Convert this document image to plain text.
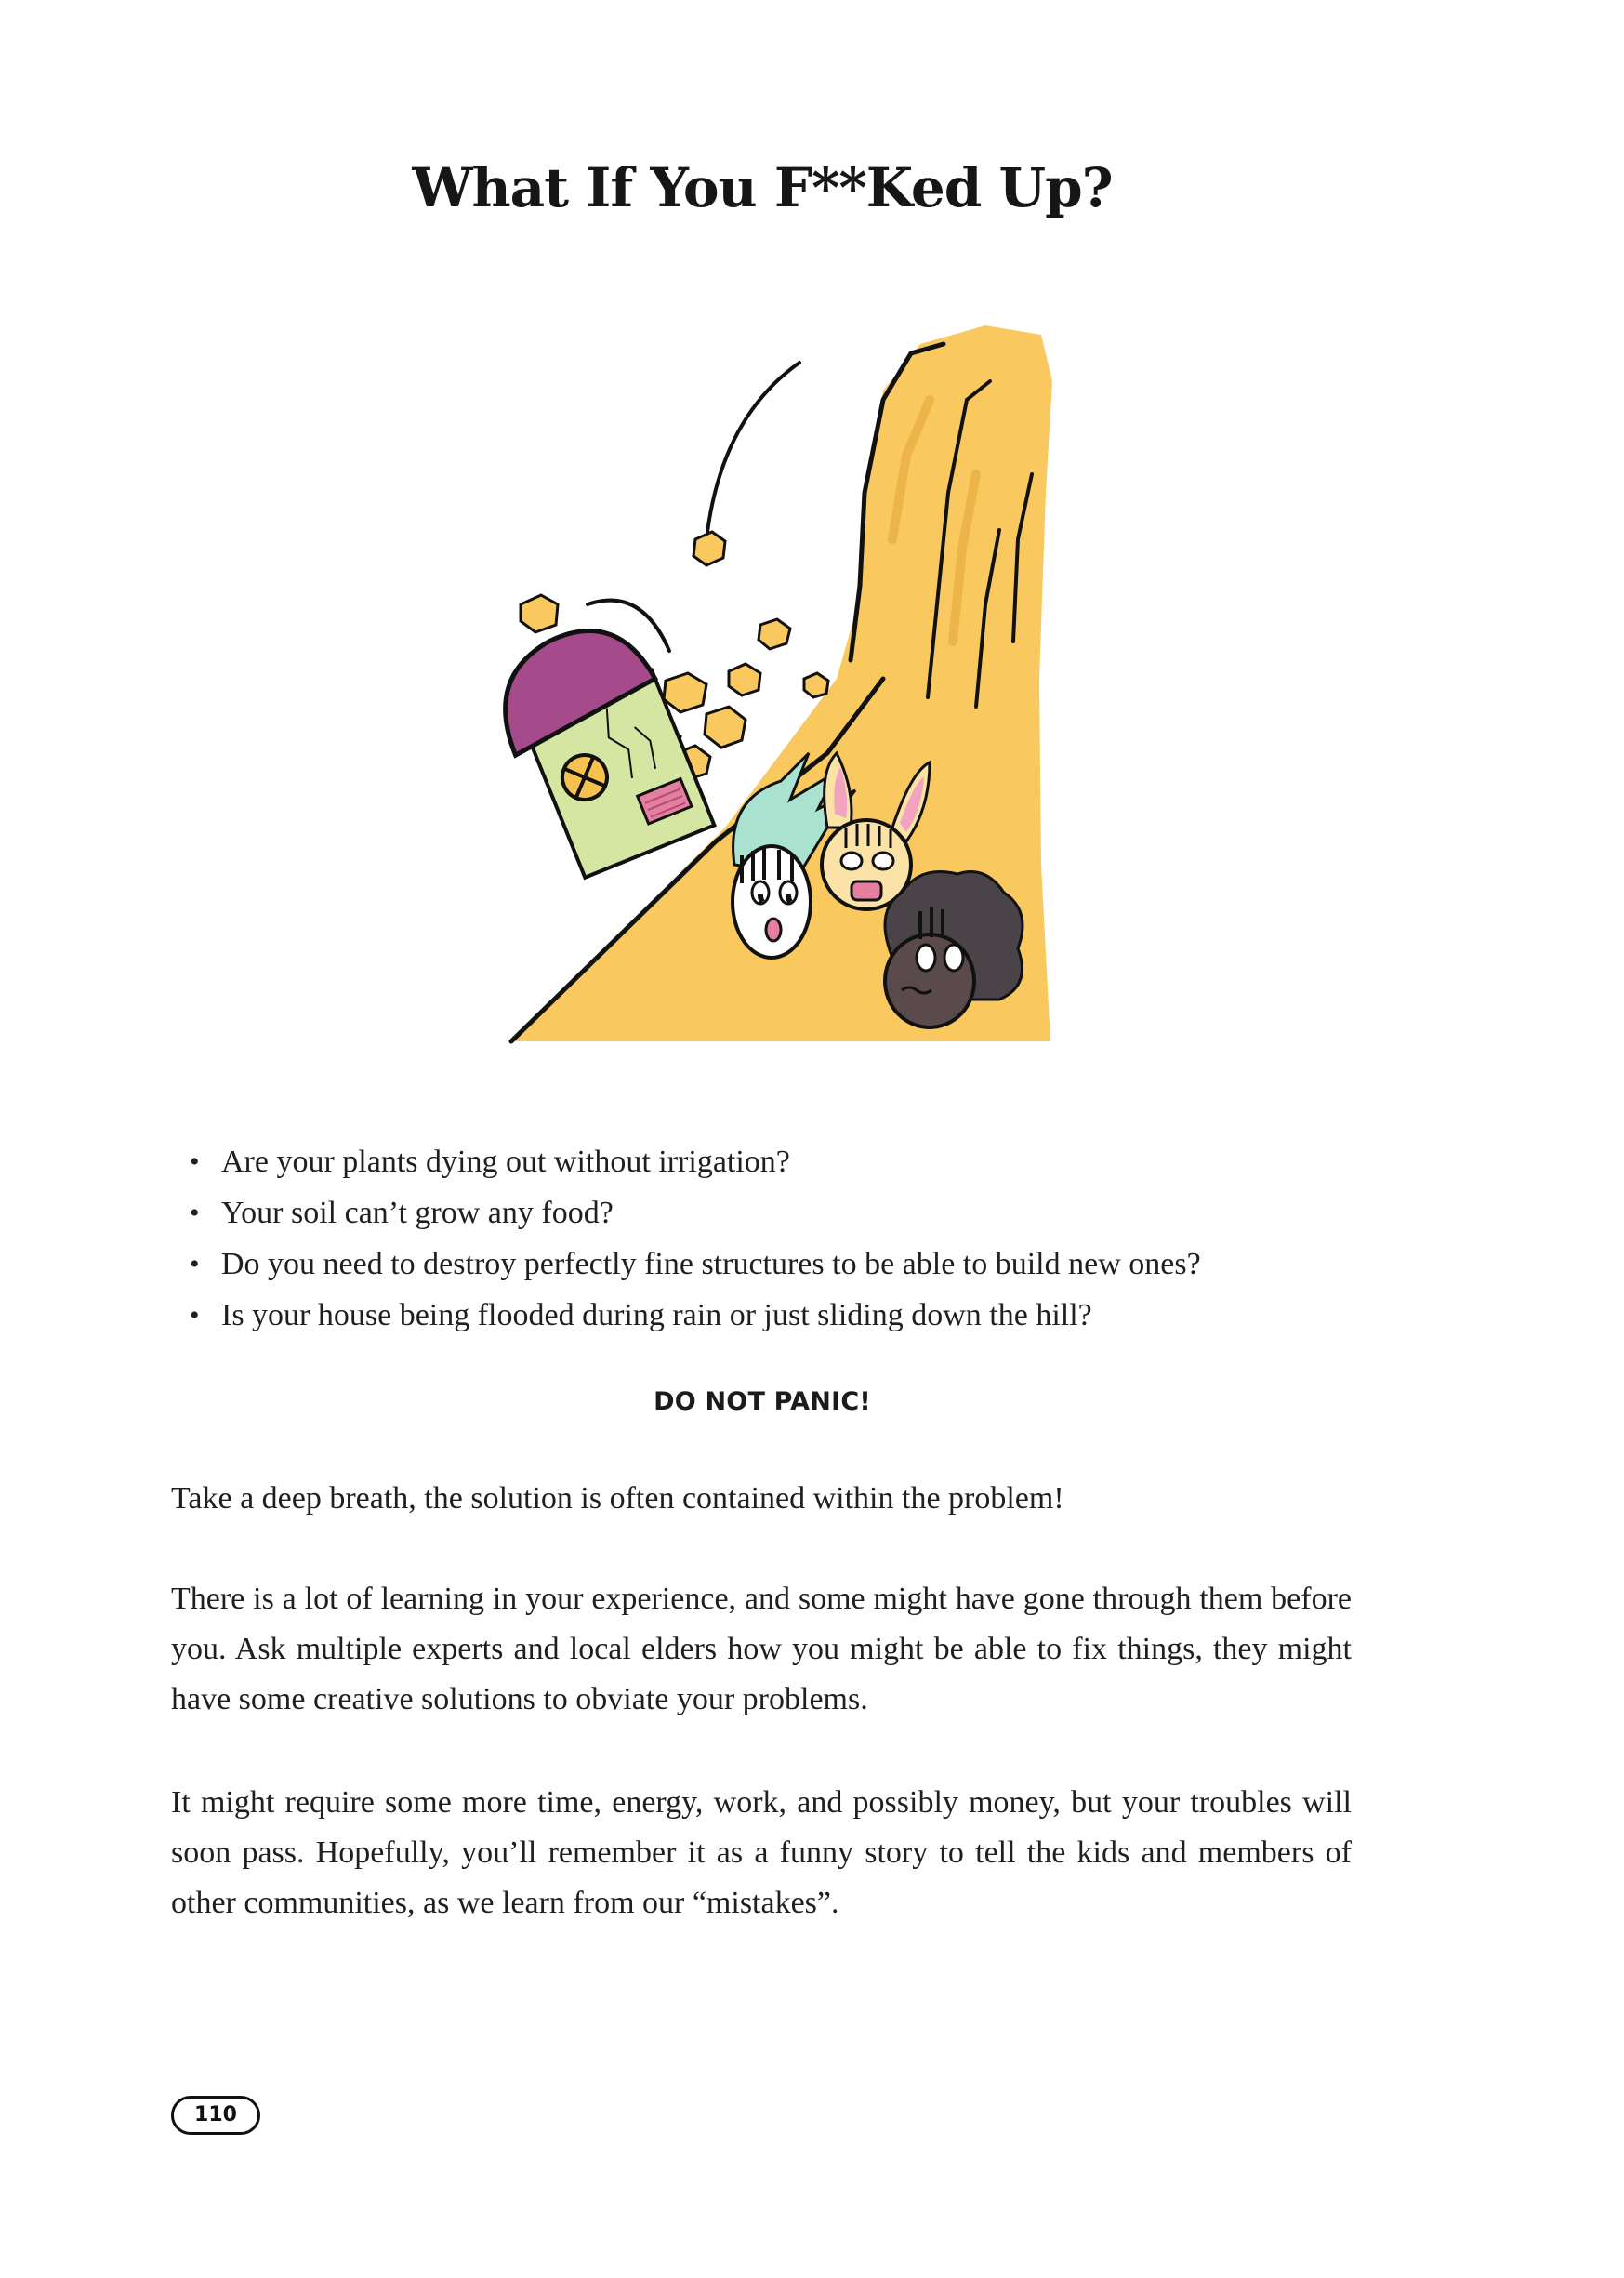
What If You F**Ked Up?
• Are your plants dying out without irrigation?
• Your soil can’t grow any food?
• Do you need to destroy perfectly fine structures to be able to build new ones?
• Is your house being flooded during rain or just sliding down the hill?
DO NOT PANIC!

Take a deep breath, the solution is often contained within the problem!

There is a lot of learning in your experience, and some might have gone through them before you. Ask multiple experts and local elders how you might be able to fix things, they might have some creative solutions to obviate your problems.

It might require some more time, energy, work, and possibly money, but your troubles will soon pass. Hopefully, you’ll remember it as a funny story to tell the kids and members of other communities, as we learn from our “mistakes”.

110
